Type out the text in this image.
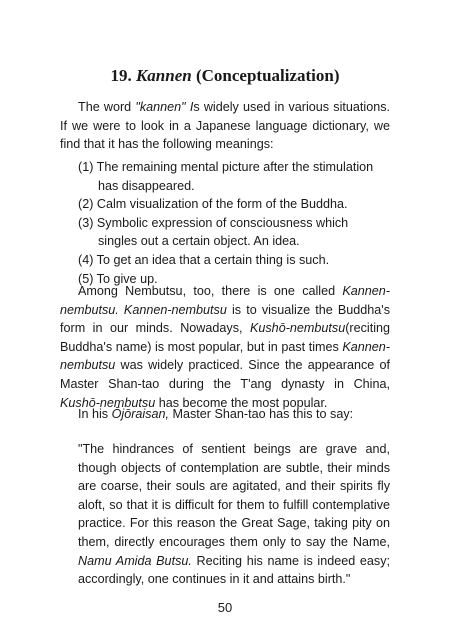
19. Kannen (Conceptualization)

The word "kannen" Is widely used in various situations. If we were to look in a Japanese language dictionary, we find that it has the following meanings:

(1) The remaining mental picture after the stimulation has disappeared.
(2) Calm visualization of the form of the Buddha.
(3) Symbolic expression of consciousness which singles out a certain object. An idea.
(4) To get an idea that a certain thing is such.
(5) To give up.

Among Nembutsu, too, there is one called Kannen-nembutsu. Kannen-nembutsu is to visualize the Buddha's form in our minds. Nowadays, Kushō-nembutsu(reciting Buddha's name) is most popular, but in past times Kannen-nembutsu was widely practiced. Since the appearance of Master Shan-tao during the T'ang dynasty in China, Kushō-nembutsu has become the most popular.

In his Ōjōraisan, Master Shan-tao has this to say:

"The hindrances of sentient beings are grave and, though objects of contemplation are subtle, their minds are coarse, their souls are agitated, and their spirits fly aloft, so that it is difficult for them to fulfill contemplative practice. For this reason the Great Sage, taking pity on them, directly encourages them only to say the Name, Namu Amida Butsu. Reciting his name is indeed easy; accordingly, one continues in it and attains birth."

50
